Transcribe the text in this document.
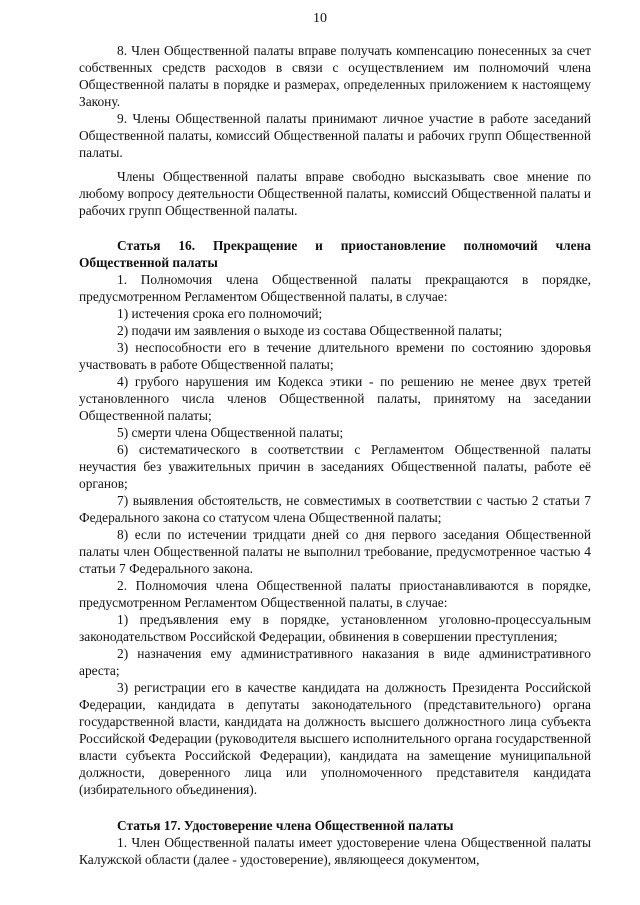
10

8. Член Общественной палаты вправе получать компенсацию понесенных за счет собственных средств расходов в связи с осуществлением им полномочий члена Общественной палаты в порядке и размерах, определенных приложением к настоящему Закону.

9. Члены Общественной палаты принимают личное участие в работе заседаний Общественной палаты, комиссий Общественной палаты и рабочих групп Общественной палаты.

Члены Общественной палаты вправе свободно высказывать свое мнение по любому вопросу деятельности Общественной палаты, комиссий Общественной палаты и рабочих групп Общественной палаты.

Статья 16. Прекращение и приостановление полномочий члена Общественной палаты

1. Полномочия члена Общественной палаты прекращаются в порядке, предусмотренном Регламентом Общественной палаты, в случае:

1) истечения срока его полномочий;

2) подачи им заявления о выходе из состава Общественной палаты;

3) неспособности его в течение длительного времени по состоянию здоровья участвовать в работе Общественной палаты;

4) грубого нарушения им Кодекса этики - по решению не менее двух третей установленного числа членов Общественной палаты, принятому на заседании Общественной палаты;

5) смерти члена Общественной палаты;

6) систематического в соответствии с Регламентом Общественной палаты неучастия без уважительных причин в заседаниях Общественной палаты, работе её органов;

7) выявления обстоятельств, не совместимых в соответствии с частью 2 статьи 7 Федерального закона со статусом члена Общественной палаты;

8) если по истечении тридцати дней со дня первого заседания Общественной палаты член Общественной палаты не выполнил требование, предусмотренное частью 4 статьи 7 Федерального закона.

2. Полномочия члена Общественной палаты приостанавливаются в порядке, предусмотренном Регламентом Общественной палаты, в случае:

1) предъявления ему в порядке, установленном уголовно-процессуальным законодательством Российской Федерации, обвинения в совершении преступления;

2) назначения ему административного наказания в виде административного ареста;

3) регистрации его в качестве кандидата на должность Президента Российской Федерации, кандидата в депутаты законодательного (представительного) органа государственной власти, кандидата на должность высшего должностного лица субъекта Российской Федерации (руководителя высшего исполнительного органа государственной власти субъекта Российской Федерации), кандидата на замещение муниципальной должности, доверенного лица или уполномоченного представителя кандидата (избирательного объединения).

Статья 17. Удостоверение члена Общественной палаты

1. Член Общественной палаты имеет удостоверение члена Общественной палаты Калужской области (далее - удостоверение), являющееся документом,
